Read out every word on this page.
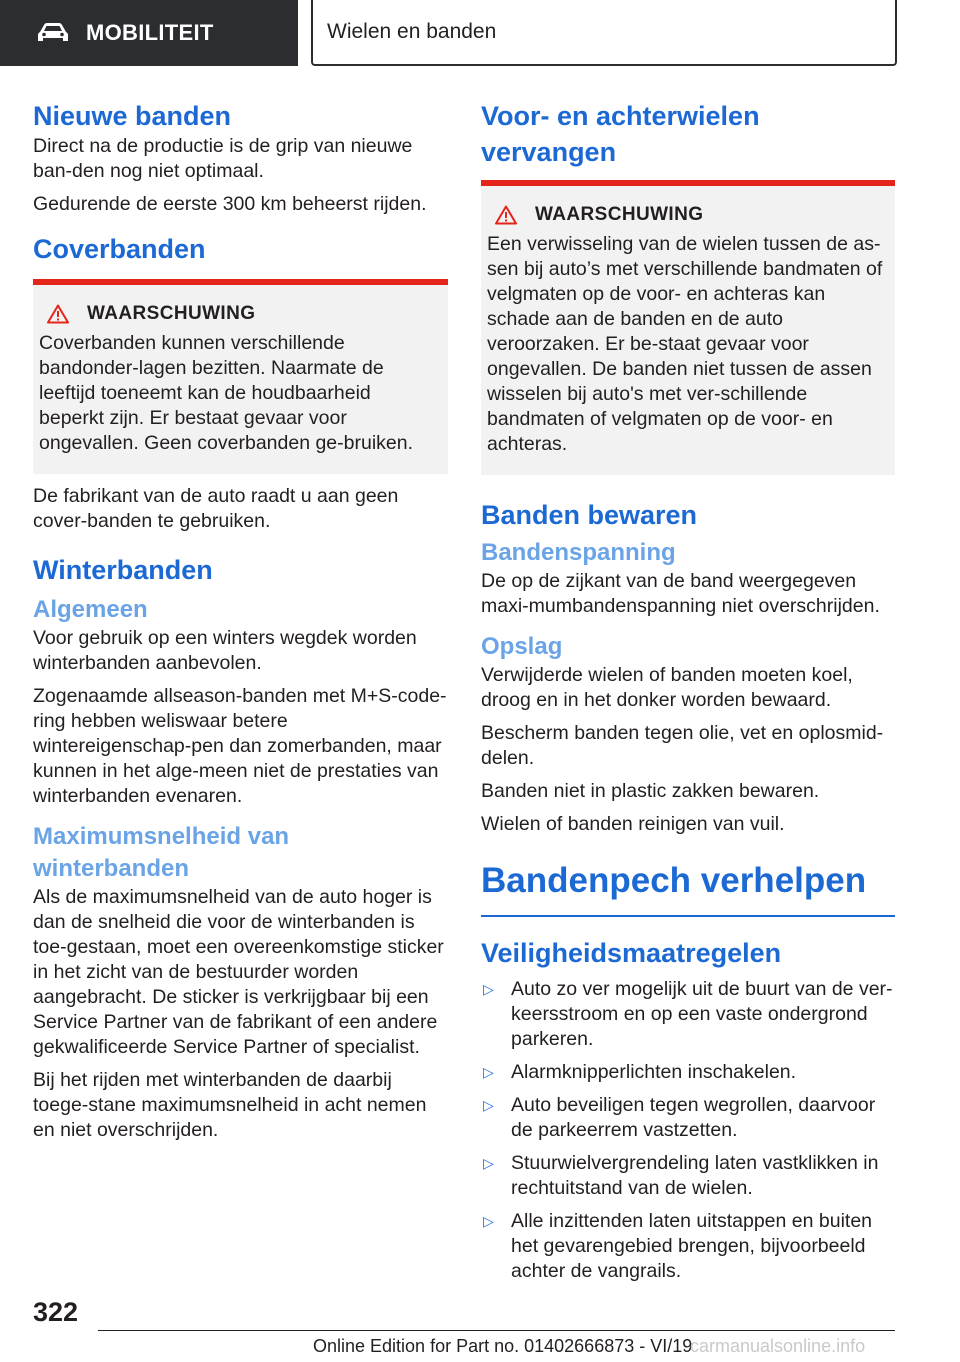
MOBILITEIT	Wielen en banden
Nieuwe banden

Direct na de productie is de grip van nieuwe ban-den nog niet optimaal.

Gedurende de eerste 300 km beheerst rijden.

Coverbanden
WAARSCHUWING

Coverbanden kunnen verschillende bandonder-lagen bezitten. Naarmate de leeftijd toeneemt kan de houdbaarheid beperkt zijn. Er bestaat gevaar voor ongevallen. Geen coverbanden ge-bruiken.

De fabrikant van de auto raadt u aan geen cover-banden te gebruiken.

Winterbanden
Algemeen

Voor gebruik op een winters wegdek worden winterbanden aanbevolen.

Zogenaamde allseason-banden met M+S-code-ring hebben weliswaar betere wintereigenschap-pen dan zomerbanden, maar kunnen in het alge-meen niet de prestaties van winterbanden evenaren.

Maximumsnelheid van winterbanden

Als de maximumsnelheid van de auto hoger is dan de snelheid die voor de winterbanden is toe-gestaan, moet een overeenkomstige sticker in het zicht van de bestuurder worden aangebracht. De sticker is verkrijgbaar bij een Service Partner van de fabrikant of een andere gekwalificeerde Service Partner of specialist.

Bij het rijden met winterbanden de daarbij toege-stane maximumsnelheid in acht nemen en niet overschrijden.

Voor- en achterwielen vervangen
WAARSCHUWING

Een verwisseling van de wielen tussen de as-sen bij auto’s met verschillende bandmaten of velgmaten op de voor- en achteras kan schade aan de banden en de auto veroorzaken. Er be-staat gevaar voor ongevallen. De banden niet tussen de assen wisselen bij auto's met ver-schillende bandmaten of velgmaten op de voor- en achteras.

Banden bewaren
Bandenspanning

De op de zijkant van de band weergegeven maxi-mumbandenspanning niet overschrijden.

Opslag

Verwijderde wielen of banden moeten koel, droog en in het donker worden bewaard.

Bescherm banden tegen olie, vet en oplosmid-delen.

Banden niet in plastic zakken bewaren.

Wielen of banden reinigen van vuil.

Bandenpech verhelpen
Veiligheidsmaatregelen
▷ Auto zo ver mogelijk uit de buurt van de ver-keersstroom en op een vaste ondergrond parkeren.
▷ Alarmknipperlichten inschakelen.
▷ Auto beveiligen tegen wegrollen, daarvoor de parkeerrem vastzetten.
▷ Stuurwielvergrendeling laten vastklikken in rechtuitstand van de wielen.
▷ Alle inzittenden laten uitstappen en buiten het gevarengebied brengen, bijvoorbeeld achter de vangrails.
322
Online Edition for Part no. 01402666873 - VI/19
carmanualsonline.info
